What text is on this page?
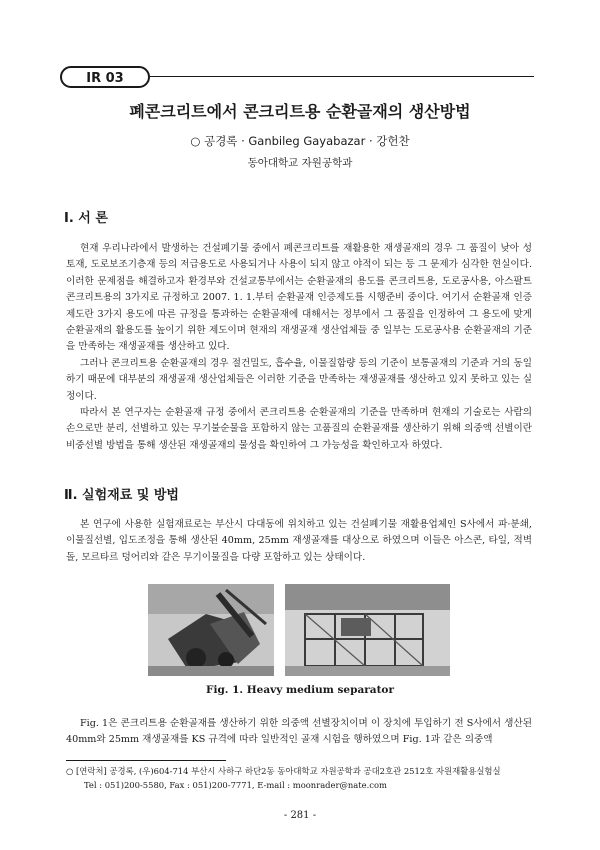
IR 03
폐콘크리트에서 콘크리트용 순환골재의 생산방법
○ 공경록 · Ganbileg Gayabazar · 강헌찬
동아대학교 자원공학과
Ⅰ. 서 론
현재 우리나라에서 발생하는 건설폐기물 중에서 폐콘크리트를 재활용한 재생골재의 경우 그 품질이 낮아 성토재, 도로보조기층재 등의 저급용도로 사용되거나 사용이 되지 않고 야적이 되는 등 그 문제가 심각한 현실이다. 이러한 문제점을 해결하고자 환경부와 건설교통부에서는 순환골재의 용도를 콘크리트용, 도로공사용, 아스팔트콘크리트용의 3가지로 규정하고 2007. 1. 1.부터 순환골재 인증제도를 시행준비 중이다. 여기서 순환골재 인증제도란 3가지 용도에 따른 규정을 통과하는 순환골재에 대해서는 정부에서 그 품질을 인정하여 그 용도에 맞게 순환골재의 활용도를 높이기 위한 제도이며 현재의 재생골재 생산업체들 중 일부는 도로공사용 순환골재의 기준을 만족하는 재생골재를 생산하고 있다.
그러나 콘크리트용 순환골재의 경우 절건밀도, 흡수율, 이물질함량 등의 기준이 보통골재의 기준과 거의 동일하기 때문에 대부분의 재생골재 생산업체들은 이러한 기준을 만족하는 재생골재를 생산하고 있지 못하고 있는 실정이다.
따라서 본 연구자는 순환골재 규정 중에서 콘크리트용 순환골재의 기준을 만족하며 현재의 기술로는 사람의 손으로만 분리, 선별하고 있는 무기불순물을 포함하지 않는 고품질의 순환골재를 생산하기 위해 의중액 선별이란 비중선별 방법을 통해 생산된 재생골재의 물성을 확인하여 그 가능성을 확인하고자 하였다.
Ⅱ. 실험재료 및 방법
본 연구에 사용한 실험재료로는 부산시 다대동에 위치하고 있는 건설폐기물 재활용업체인 S사에서 파·분쇄, 이물질선별, 입도조정을 통해 생산된 40mm, 25mm 재생골재를 대상으로 하였으며 이들은 아스콘, 타일, 적벽돌, 모르타르 덩어리와 같은 무기이물질을 다량 포함하고 있는 상태이다.
Fig. 1. Heavy medium separator
Fig. 1은 콘크리트용 순환골재를 생산하기 위한 의중액 선별장치이며 이 장치에 투입하기 전 S사에서 생산된 40mm와 25mm 재생골재를 KS 규격에 따라 일반적인 골재 시험을 행하였으며 Fig. 1과 같은 의중액
○ [연락처] 공경록, (우)604-714 부산시 사하구 하단2동 동아대학교 자원공학과 공대2호관 2512호 자원재활용실험실
Tel : 051)200-5580, Fax : 051)200-7771, E-mail : moonrader@nate.com
- 281 -
